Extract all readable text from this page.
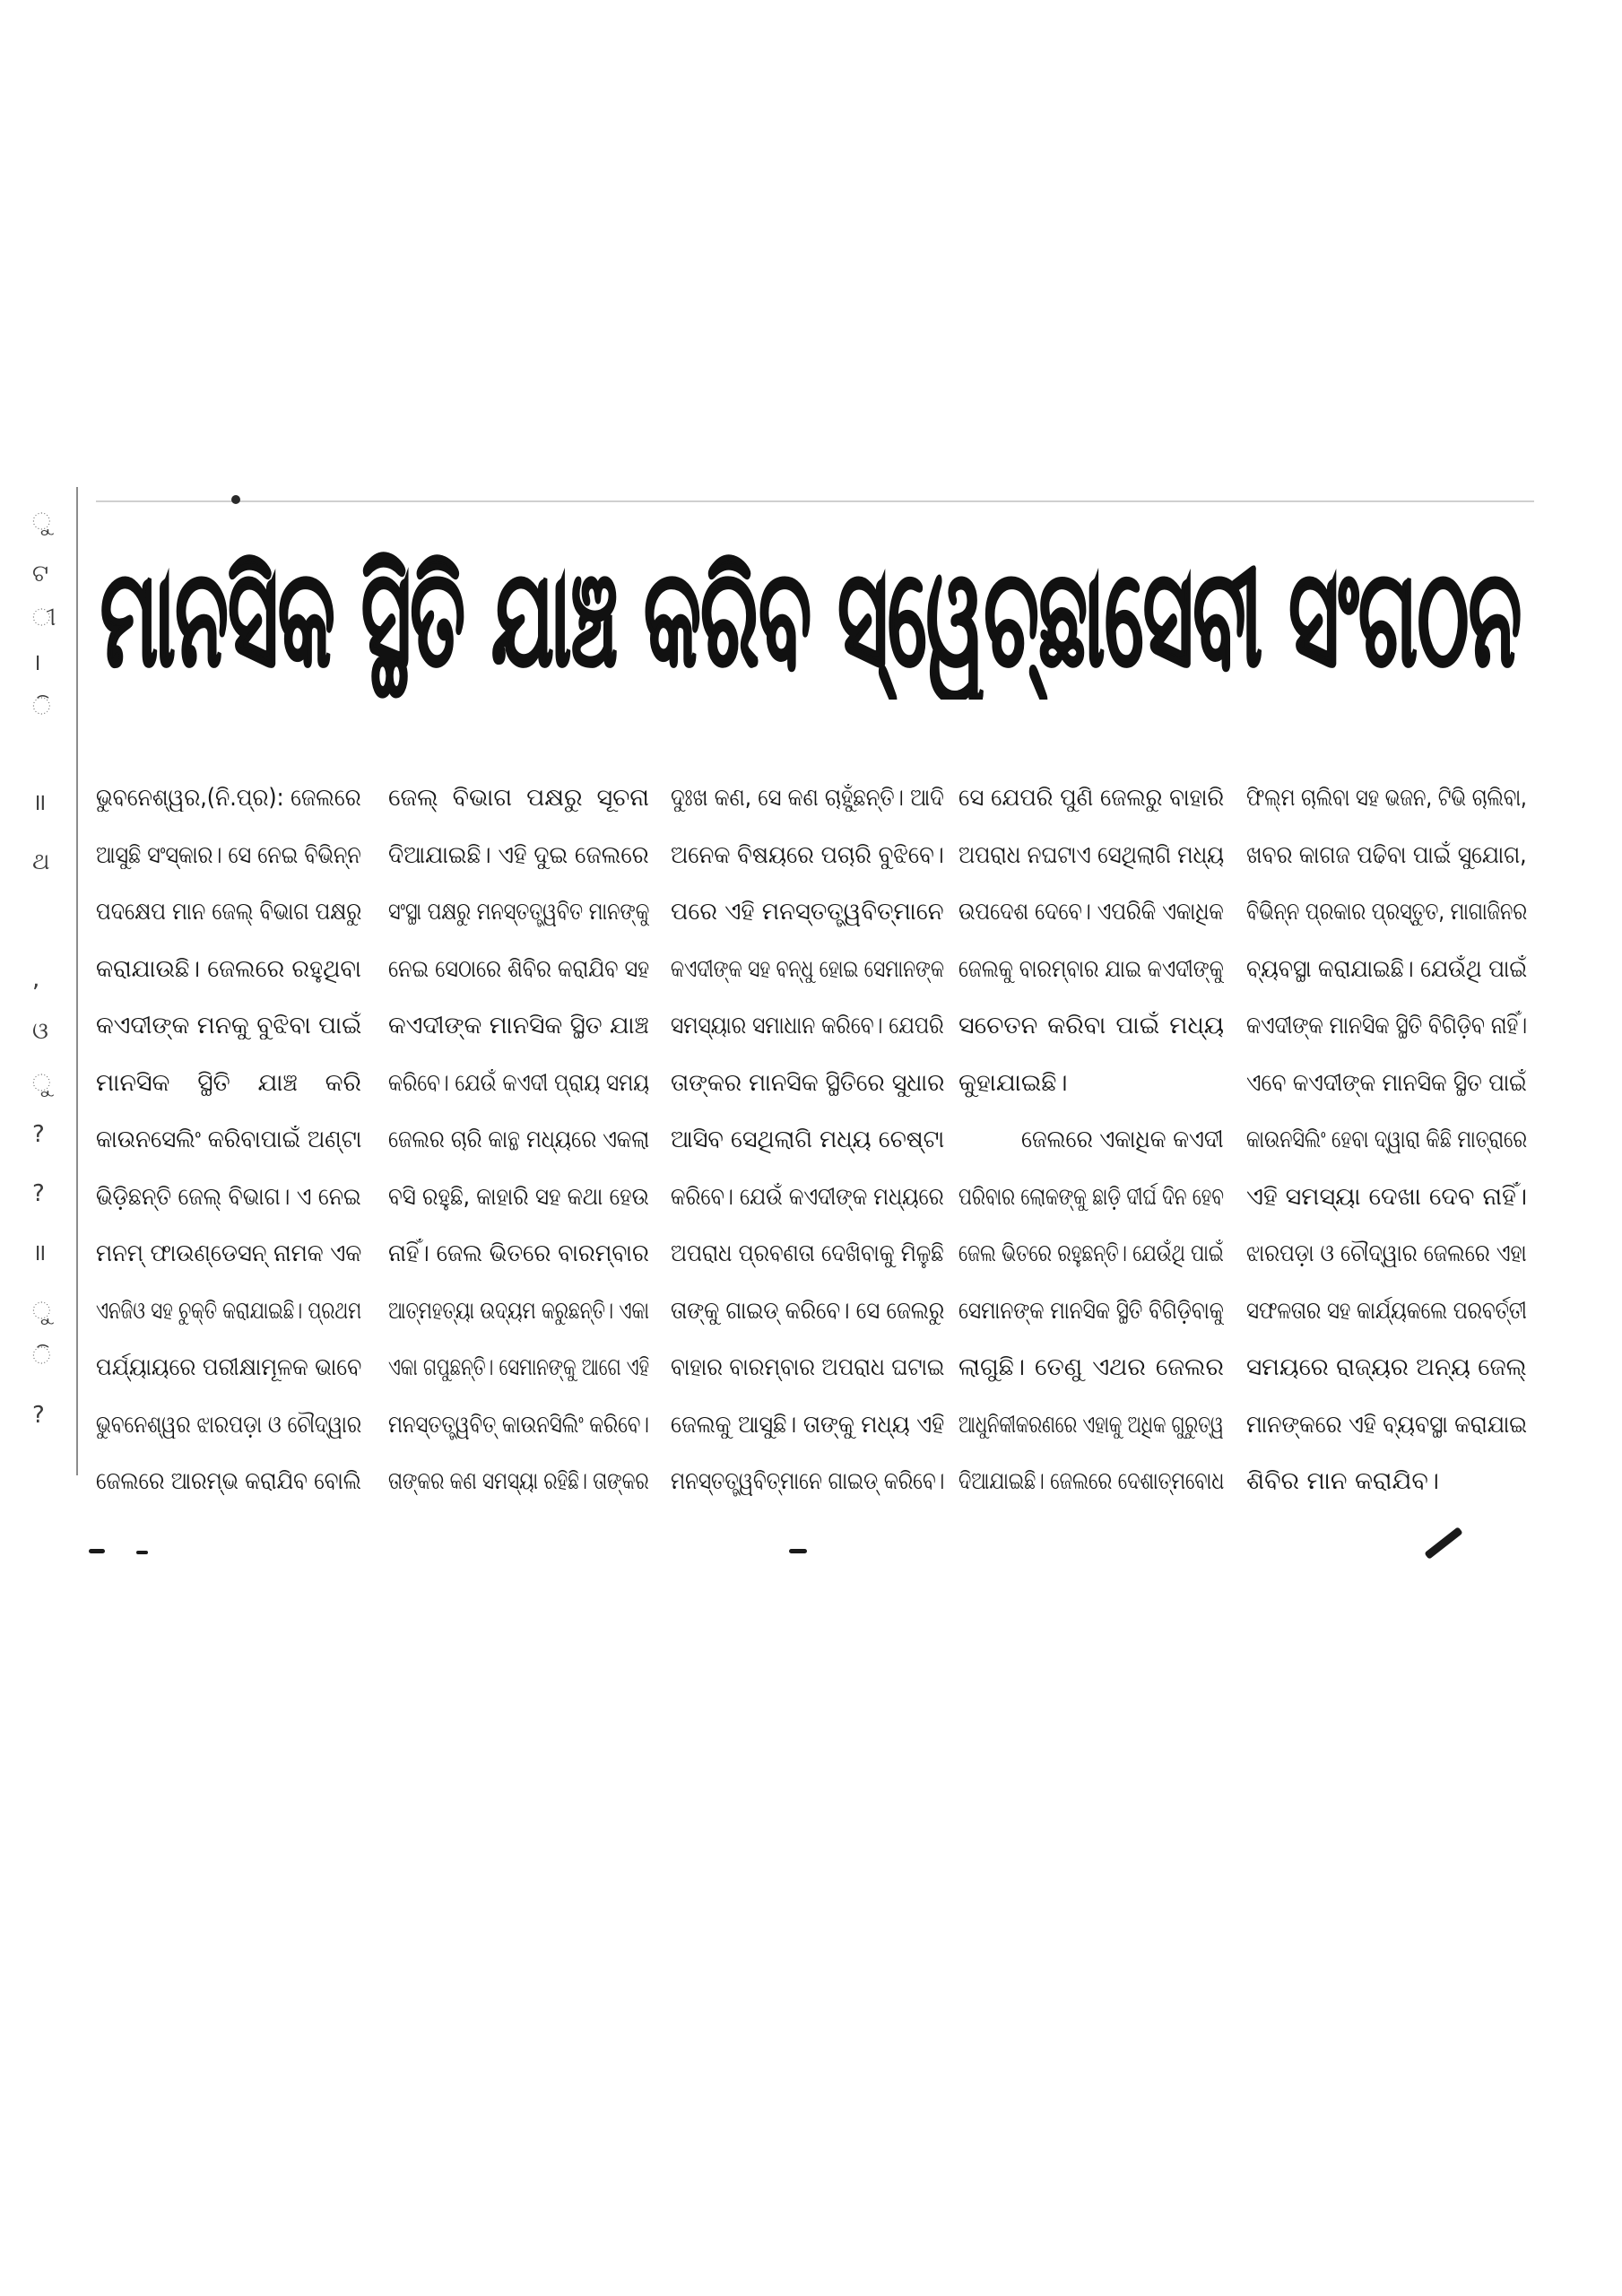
ୁ
ଟ
ୀ
।
ି
॥
ଥ
,
ଓ
ୁ
?
?
॥
ୁ
ି
?
ମାନସିକ ସ୍ଥିତି ଯାଞ୍ଚ କରିବ ସ୍ୱେଚ୍ଛାସେବୀ ସଂଗଠନ
ଭୁବନେଶ୍ୱର,(ନି.ପ୍ର): ଜେଲରେ
ଆସୁଛି ସଂସ୍କାର। ସେ ନେଇ ବିଭିନ୍ନ
ପଦକ୍ଷେପ ମାନ ଜେଲ୍ ବିଭାଗ ପକ୍ଷରୁ
କରାଯାଉଛି। ଜେଲରେ ରହୁଥିବା
କଏଦୀଙ୍କ ମନକୁ ବୁଝିବା ପାଇଁ
ମାନସିକ ସ୍ଥିତି ଯାଞ୍ଚ କରି
କାଉନସେଲିଂ କରିବାପାଇଁ ଅଣ୍ଟା
ଭିଡ଼ିଛନ୍ତି ଜେଲ୍ ବିଭାଗ। ଏ ନେଇ
ମନମ୍ ଫାଉଣ୍ଡେସନ୍ ନାମକ ଏକ
ଏନଜିଓ ସହ ଚୁକ୍ତି କରାଯାଇଛି। ପ୍ରଥମ
ପର୍ଯ୍ୟାୟରେ ପରୀକ୍ଷାମୂଳକ ଭାବେ
ଭୁବନେଶ୍ୱର ଝାରପଡ଼ା ଓ ଚୌଦ୍ୱାର
ଜେଲରେ ଆରମ୍ଭ କରାଯିବ ବୋଲି
ଜେଲ୍ ବିଭାଗ ପକ୍ଷରୁ ସୂଚନା
ଦିଆଯାଇଛି। ଏହି ଦୁଇ ଜେଲରେ
ସଂସ୍ଥା ପକ୍ଷରୁ ମନସ୍ତତ୍ତ୍ୱବିତ ମାନଙ୍କୁ
ନେଇ ସେଠାରେ ଶିବିର କରାଯିବ ସହ
କଏଦୀଙ୍କ ମାନସିକ ସ୍ଥିତ ଯାଞ୍ଚ
କରିବେ। ଯେଉଁ କଏଦୀ ପ୍ରାୟ ସମୟ
ଜେଲର ଚାରି କାନ୍ଥ ମଧ୍ୟରେ ଏକଲା
ବସି ରହୁଛି, କାହାରି ସହ କଥା ହେଉ
ନାହିଁ। ଜେଲ ଭିତରେ ବାରମ୍ବାର
ଆତ୍ମହତ୍ୟା ଉଦ୍ୟମ କରୁଛନ୍ତି। ଏକା
ଏକା ଗପୁଛନ୍ତି। ସେମାନଙ୍କୁ ଆଗେ ଏହି
ମନସ୍ତତ୍ତ୍ୱବିତ୍ କାଉନସିଲିଂ କରିବେ।
ତାଙ୍କର କଣ ସମସ୍ୟା ରହିଛି। ତାଙ୍କର
ଦୁଃଖ କଣ, ସେ କଣ ଚାହୁଁଛନ୍ତି। ଆଦି
ଅନେକ ବିଷୟରେ ପଚାରି ବୁଝିବେ।
ପରେ ଏହି ମନସ୍ତତ୍ତ୍ୱବିତ୍‌ମାନେ
କଏଦୀଙ୍କ ସହ ବନ୍ଧୁ ହୋଇ ସେମାନଙ୍କ
ସମସ୍ୟାର ସମାଧାନ କରିବେ। ଯେପରି
ତାଙ୍କର ମାନସିକ ସ୍ଥିତିରେ ସୁଧାର
ଆସିବ ସେଥିଲାଗି ମଧ୍ୟ ଚେଷ୍ଟା
କରିବେ। ଯେଉଁ କଏଦୀଙ୍କ ମଧ୍ୟରେ
ଅପରାଧ ପ୍ରବଣତା ଦେଖିବାକୁ ମିଳୁଛି
ତାଙ୍କୁ ଗାଇଡ୍ କରିବେ। ସେ ଜେଲରୁ
ବାହାର ବାରମ୍ବାର ଅପରାଧ ଘଟାଇ
ଜେଲକୁ ଆସୁଛି। ତାଙ୍କୁ ମଧ୍ୟ ଏହି
ମନସ୍ତତ୍ତ୍ୱବିତ୍‌ମାନେ ଗାଇଡ୍ କରିବେ।
ସେ ଯେପରି ପୁଣି ଜେଲରୁ ବାହାରି
ଅପରାଧ ନଘଟାଏ ସେଥିଲାଗି ମଧ୍ୟ
ଉପଦେଶ ଦେବେ। ଏପରିକି ଏକାଧିକ
ଜେଲକୁ ବାରମ୍ବାର ଯାଇ କଏଦୀଙ୍କୁ
ସଚେତନ କରିବା ପାଇଁ ମଧ୍ୟ
କୁହାଯାଇଛି।
ଜେଲରେ ଏକାଧିକ କଏଦୀ
ପରିବାର ଲୋକଙ୍କୁ ଛାଡ଼ି ଦୀର୍ଘ ଦିନ ହେବ
ଜେଲ ଭିତରେ ରହୁଛନ୍ତି। ଯେଉଁଥି ପାଇଁ
ସେମାନଙ୍କ ମାନସିକ ସ୍ଥିତି ବିଗିଡ଼ିବାକୁ
ଲାଗୁଛି। ତେଣୁ ଏଥର ଜେଲର
ଆଧୁନିକୀକରଣରେ ଏହାକୁ ଅଧିକ ଗୁରୁତ୍ୱ
ଦିଆଯାଇଛି। ଜେଲରେ ଦେଶାତ୍ମବୋଧ
ଫିଲ୍ମ ଚାଲିବା ସହ ଭଜନ, ଟିଭି ଚାଲିବା,
ଖବର କାଗଜ ପଢିବା ପାଇଁ ସୁଯୋଗ,
ବିଭିନ୍ନ ପ୍ରକାର ପ୍ରସ୍ତୁତ, ମାଗାଜିନର
ବ୍ୟବସ୍ଥା କରାଯାଇଛି। ଯେଉଁଥି ପାଇଁ
କଏଦୀଙ୍କ ମାନସିକ ସ୍ଥିତି ବିଗିଡ଼ିବ ନାହିଁ।
ଏବେ କଏଦୀଙ୍କ ମାନସିକ ସ୍ଥିତ ପାଇଁ
କାଉନସିଲିଂ ହେବା ଦ୍ୱାରା କିଛି ମାତ୍ରାରେ
ଏହି ସମସ୍ୟା ଦେଖା ଦେବ ନାହିଁ।
ଝାରପଡ଼ା ଓ ଚୌଦ୍ୱାର ଜେଲରେ ଏହା
ସଫଳତାର ସହ କାର୍ଯ୍ୟକଲେ ପରବର୍ତ୍ତୀ
ସମୟରେ ରାଜ୍ୟର ଅନ୍ୟ ଜେଲ୍
ମାନଙ୍କରେ ଏହି ବ୍ୟବସ୍ଥା କରାଯାଇ
ଶିବିର ମାନ କରାଯିବ।
